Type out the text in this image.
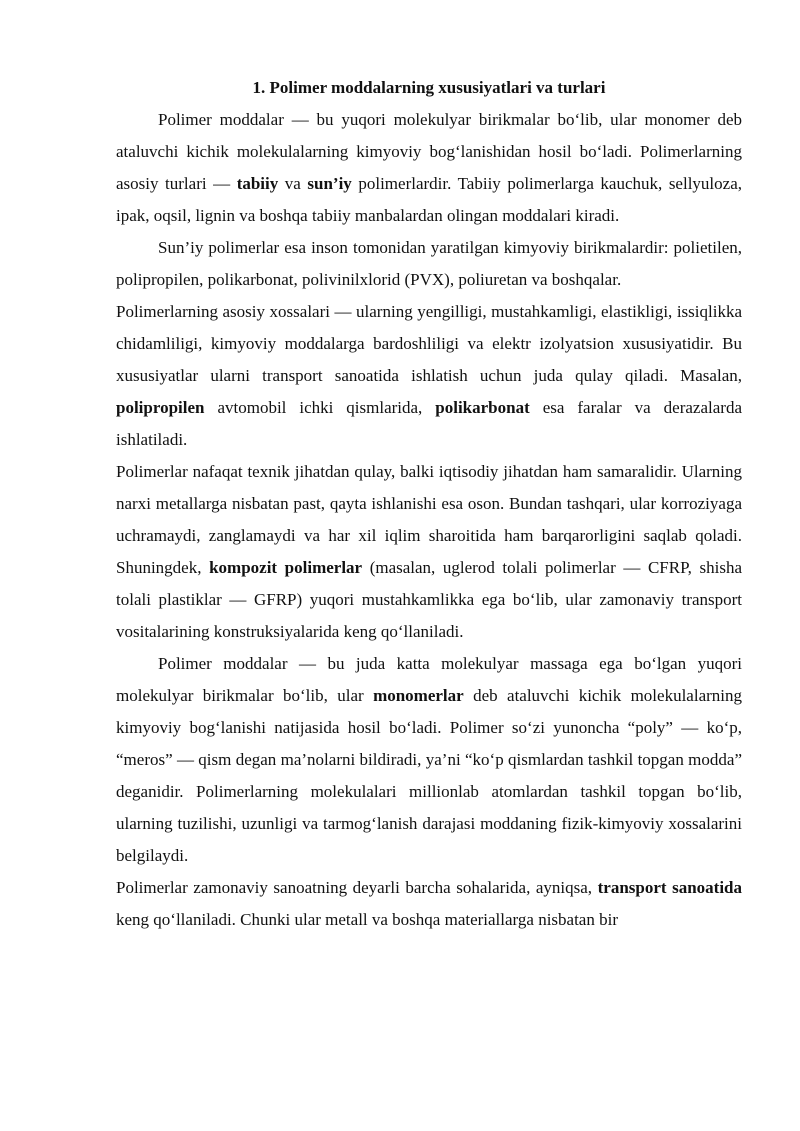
1. Polimer moddalarning xususiyatlari va turlari

Polimer moddalar — bu yuqori molekulyar birikmalar bo‘lib, ular monomer deb ataluvchi kichik molekulalarning kimyoviy bog‘lanishidan hosil bo‘ladi. Polimerlarning asosiy turlari — tabiiy va sun’iy polimerlardir. Tabiiy polimerlarga kauchuk, sellyuloza, ipak, oqsil, lignin va boshqa tabiiy manbalardan olingan moddalari kiradi.

Sun’iy polimerlar esa inson tomonidan yaratilgan kimyoviy birikmalardir: polietilen, polipropilen, polikarbonat, polivinilxlorid (PVX), poliuretan va boshqalar.

Polimerlarning asosiy xossalari — ularning yengilligi, mustahkamligi, elastikligi, issiqlikka chidamliligi, kimyoviy moddalarga bardoshliligi va elektr izolyatsion xususiyatidir. Bu xususiyatlar ularni transport sanoatida ishlatish uchun juda qulay qiladi. Masalan, polipropilen avtomobil ichki qismlarida, polikarbonat esa faralar va derazalarda ishlatiladi.

Polimerlar nafaqat texnik jihatdan qulay, balki iqtisodiy jihatdan ham samaralidir. Ularning narxi metallarga nisbatan past, qayta ishlanishi esa oson. Bundan tashqari, ular korroziyaga uchramaydi, zanglamaydi va har xil iqlim sharoitida ham barqarorligini saqlab qoladi. Shuningdek, kompozit polimerlar (masalan, uglerod tolali polimerlar — CFRP, shisha tolali plastiklar — GFRP) yuqori mustahkamlikka ega bo‘lib, ular zamonaviy transport vositalarining konstruksiyalarida keng qo‘llaniladi.

Polimer moddalar — bu juda katta molekulyar massaga ega bo‘lgan yuqori molekulyar birikmalar bo‘lib, ular monomerlar deb ataluvchi kichik molekulalarning kimyoviy bog‘lanishi natijasida hosil bo‘ladi. Polimer so‘zi yunoncha “poly” — ko‘p, “meros” — qism degan ma’nolarni bildiradi, ya’ni “ko‘p qismlardan tashkil topgan modda” deganidir. Polimerlarning molekulalari millionlab atomlardan tashkil topgan bo‘lib, ularning tuzilishi, uzunligi va tarmog‘lanish darajasi moddaning fizik-kimyoviy xossalarini belgilaydi.

Polimerlar zamonaviy sanoatning deyarli barcha sohalarida, ayniqsa, transport sanoatida keng qo‘llaniladi. Chunki ular metall va boshqa materiallarga nisbatan bir
